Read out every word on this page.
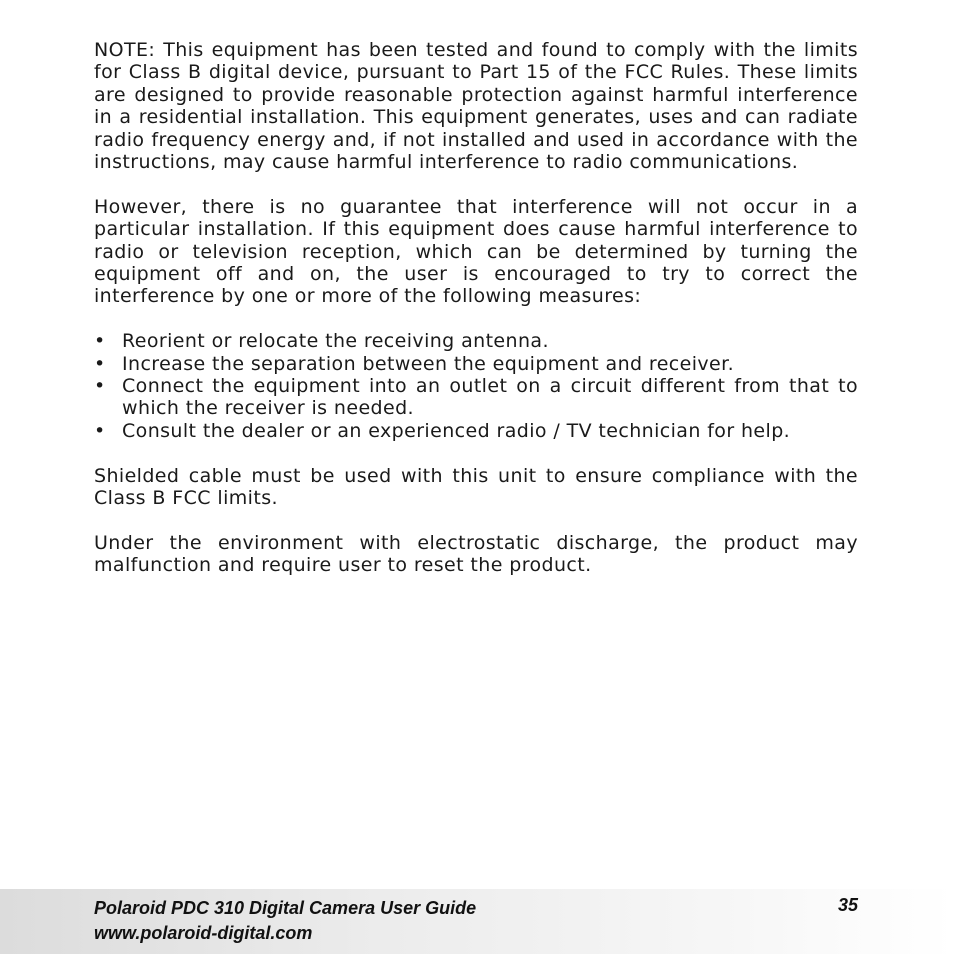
NOTE: This equipment has been tested and found to comply with the limits for Class B digital device, pursuant to Part 15 of the FCC Rules. These limits are designed to provide reasonable protection against harmful interference in a residential installation. This equipment generates, uses and can radiate radio frequency energy and, if not installed and used in accordance with the instructions, may cause harmful interference to radio communications.

However, there is no guarantee that interference will not occur in a particular installation. If this equipment does cause harmful interference to radio or television reception, which can be determined by turning the equipment off and on, the user is encouraged to try to correct the interference by one or more of the following measures:

• Reorient or relocate the receiving antenna.
• Increase the separation between the equipment and receiver.
• Connect the equipment into an outlet on a circuit different from that to which the receiver is needed.
• Consult the dealer or an experienced radio / TV technician for help.

Shielded cable must be used with this unit to ensure compliance with the Class B FCC limits.

Under the environment with electrostatic discharge, the product may malfunction and require user to reset the product.

Polaroid PDC 310 Digital Camera User Guide
www.polaroid-digital.com
35
